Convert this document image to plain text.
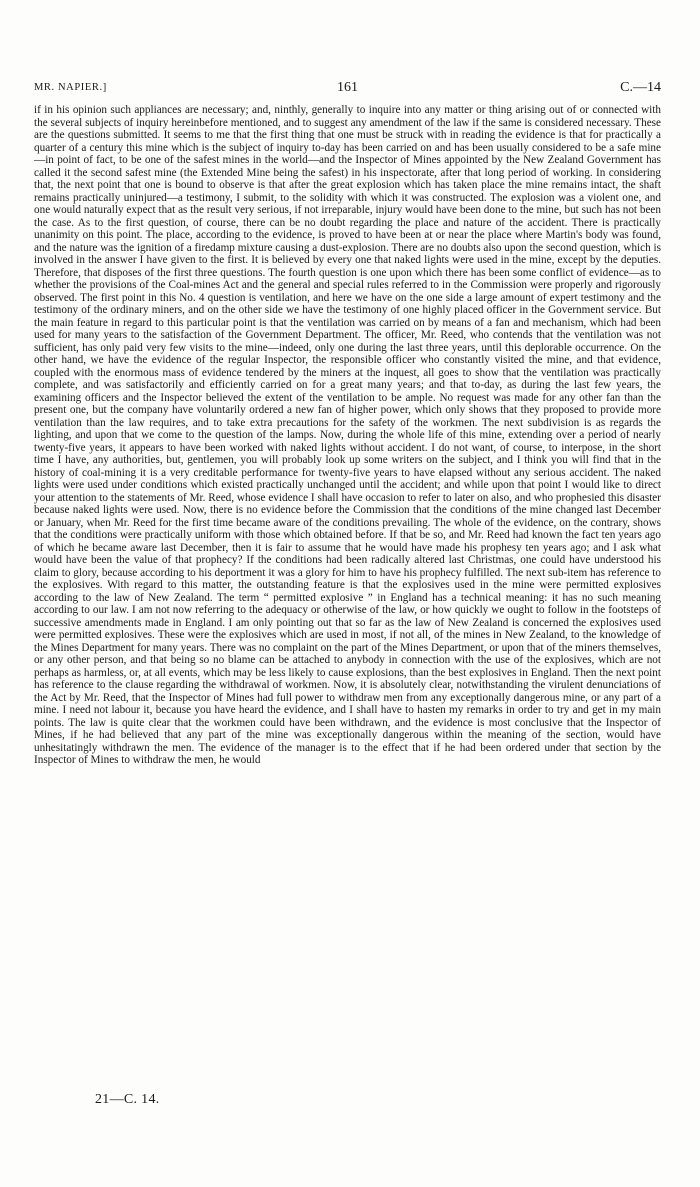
MR. NAPIER.]	161	C.—14

if in his opinion such appliances are necessary; and, ninthly, generally to inquire into any matter or thing arising out of or connected with the several subjects of inquiry hereinbefore mentioned, and to suggest any amendment of the law if the same is considered necessary. These are the questions submitted. It seems to me that the first thing that one must be struck with in reading the evidence is that for practically a quarter of a century this mine which is the subject of inquiry to-day has been carried on and has been usually considered to be a safe mine—in point of fact, to be one of the safest mines in the world—and the Inspector of Mines appointed by the New Zealand Government has called it the second safest mine (the Extended Mine being the safest) in his inspectorate, after that long period of working. In considering that, the next point that one is bound to observe is that after the great explosion which has taken place the mine remains intact, the shaft remains practically uninjured—a testimony, I submit, to the solidity with which it was constructed. The explosion was a violent one, and one would naturally expect that as the result very serious, if not irreparable, injury would have been done to the mine, but such has not been the case. As to the first question, of course, there can be no doubt regarding the place and nature of the accident. There is practically unanimity on this point. The place, according to the evidence, is proved to have been at or near the place where Martin's body was found, and the nature was the ignition of a firedamp mixture causing a dust-explosion. There are no doubts also upon the second question, which is involved in the answer I have given to the first. It is believed by every one that naked lights were used in the mine, except by the deputies. Therefore, that disposes of the first three questions. The fourth question is one upon which there has been some conflict of evidence—as to whether the provisions of the Coal-mines Act and the general and special rules referred to in the Commission were properly and rigorously observed. The first point in this No. 4 question is ventilation, and here we have on the one side a large amount of expert testimony and the testimony of the ordinary miners, and on the other side we have the testimony of one highly placed officer in the Government service. But the main feature in regard to this particular point is that the ventilation was carried on by means of a fan and mechanism, which had been used for many years to the satisfaction of the Government Department. The officer, Mr. Reed, who contends that the ventilation was not sufficient, has only paid very few visits to the mine—indeed, only one during the last three years, until this deplorable occurrence. On the other hand, we have the evidence of the regular Inspector, the responsible officer who constantly visited the mine, and that evidence, coupled with the enormous mass of evidence tendered by the miners at the inquest, all goes to show that the ventilation was practically complete, and was satisfactorily and efficiently carried on for a great many years; and that to-day, as during the last few years, the examining officers and the Inspector believed the extent of the ventilation to be ample. No request was made for any other fan than the present one, but the company have voluntarily ordered a new fan of higher power, which only shows that they proposed to provide more ventilation than the law requires, and to take extra precautions for the safety of the workmen. The next subdivision is as regards the lighting, and upon that we come to the question of the lamps. Now, during the whole life of this mine, extending over a period of nearly twenty-five years, it appears to have been worked with naked lights without accident. I do not want, of course, to interpose, in the short time I have, any authorities, but, gentlemen, you will probably look up some writers on the subject, and I think you will find that in the history of coal-mining it is a very creditable performance for twenty-five years to have elapsed without any serious accident. The naked lights were used under conditions which existed practically unchanged until the accident; and while upon that point I would like to direct your attention to the statements of Mr. Reed, whose evidence I shall have occasion to refer to later on also, and who prophesied this disaster because naked lights were used. Now, there is no evidence before the Commission that the conditions of the mine changed last December or January, when Mr. Reed for the first time became aware of the conditions prevailing. The whole of the evidence, on the contrary, shows that the conditions were practically uniform with those which obtained before. If that be so, and Mr. Reed had known the fact ten years ago of which he became aware last December, then it is fair to assume that he would have made his prophesy ten years ago; and I ask what would have been the value of that prophecy? If the conditions had been radically altered last Christmas, one could have understood his claim to glory, because according to his deportment it was a glory for him to have his prophecy fulfilled. The next sub-item has reference to the explosives. With regard to this matter, the outstanding feature is that the explosives used in the mine were permitted explosives according to the law of New Zealand. The term “ permitted explosive ” in England has a technical meaning: it has no such meaning according to our law. I am not now referring to the adequacy or otherwise of the law, or how quickly we ought to follow in the footsteps of successive amendments made in England. I am only pointing out that so far as the law of New Zealand is concerned the explosives used were permitted explosives. These were the explosives which are used in most, if not all, of the mines in New Zealand, to the knowledge of the Mines Department for many years. There was no complaint on the part of the Mines Department, or upon that of the miners themselves, or any other person, and that being so no blame can be attached to anybody in connection with the use of the explosives, which are not perhaps as harmless, or, at all events, which may be less likely to cause explosions, than the best explosives in England. Then the next point has reference to the clause regarding the withdrawal of workmen. Now, it is absolutely clear, notwithstanding the virulent denunciations of the Act by Mr. Reed, that the Inspector of Mines had full power to withdraw men from any exceptionally dangerous mine, or any part of a mine. I need not labour it, because you have heard the evidence, and I shall have to hasten my remarks in order to try and get in my main points. The law is quite clear that the workmen could have been withdrawn, and the evidence is most conclusive that the Inspector of Mines, if he had believed that any part of the mine was exceptionally dangerous within the meaning of the section, would have unhesitatingly withdrawn the men. The evidence of the manager is to the effect that if he had been ordered under that section by the Inspector of Mines to withdraw the men, he would

21—C. 14.
